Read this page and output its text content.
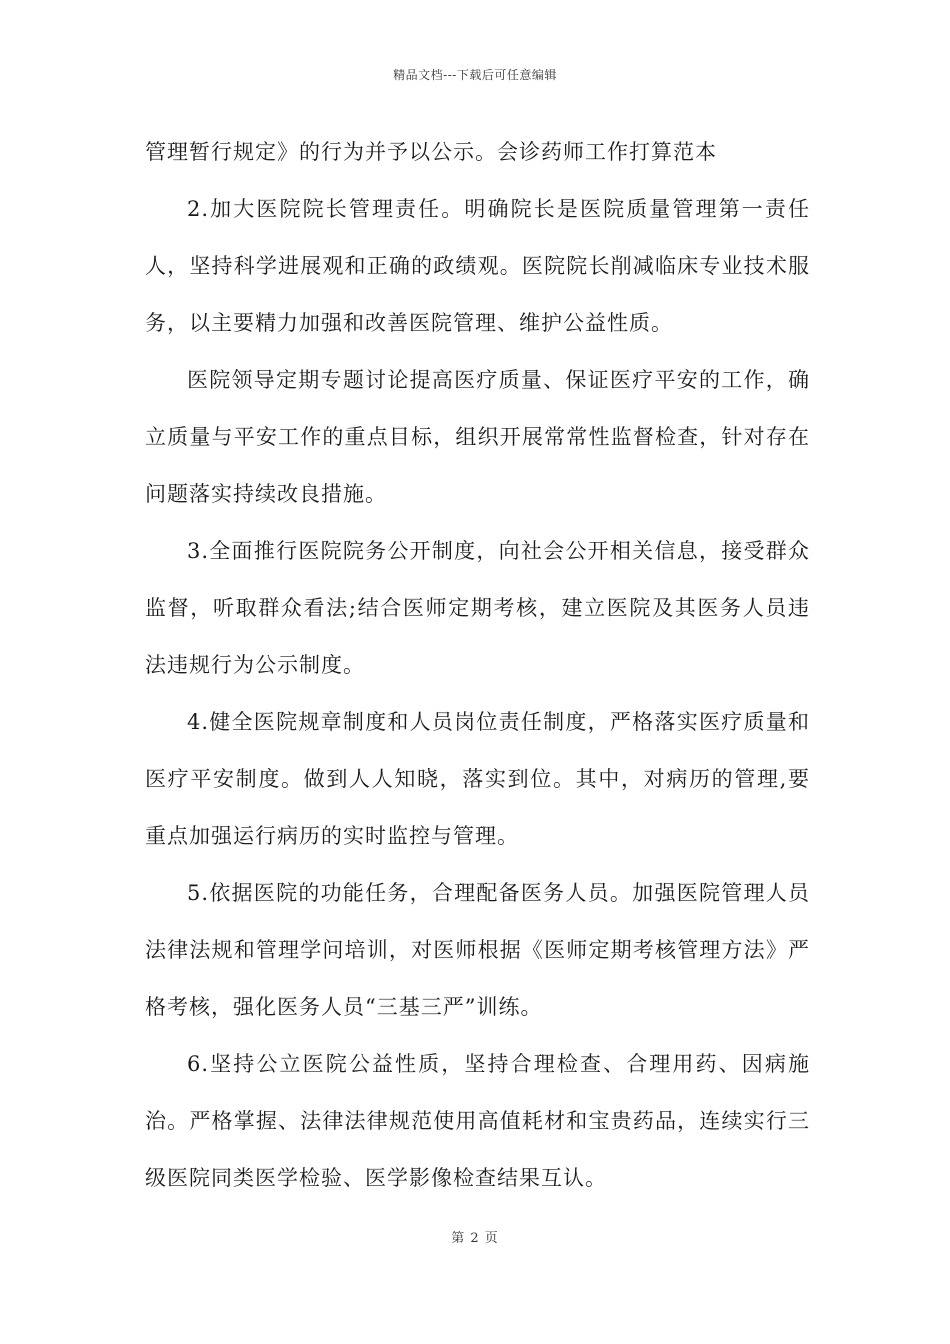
精品文档---下载后可任意编辑

管理暂行规定》的行为并予以公示。会诊药师工作打算范本

2.加大医院院长管理责任。明确院长是医院质量管理第一责任人，坚持科学进展观和正确的政绩观。医院院长削减临床专业技术服务，以主要精力加强和改善医院管理、维护公益性质。

医院领导定期专题讨论提高医疗质量、保证医疗平安的工作，确立质量与平安工作的重点目标，组织开展常常性监督检查，针对存在问题落实持续改良措施。

3.全面推行医院院务公开制度，向社会公开相关信息，接受群众监督，听取群众看法;结合医师定期考核，建立医院及其医务人员违法违规行为公示制度。

4.健全医院规章制度和人员岗位责任制度，严格落实医疗质量和医疗平安制度。做到人人知晓，落实到位。其中，对病历的管理,要重点加强运行病历的实时监控与管理。

5.依据医院的功能任务，合理配备医务人员。加强医院管理人员法律法规和管理学问培训，对医师根据《医师定期考核管理方法》严格考核，强化医务人员“三基三严”训练。

6.坚持公立医院公益性质，坚持合理检查、合理用药、因病施治。严格掌握、法律法律规范使用高值耗材和宝贵药品，连续实行三级医院同类医学检验、医学影像检查结果互认。

第 2 页
